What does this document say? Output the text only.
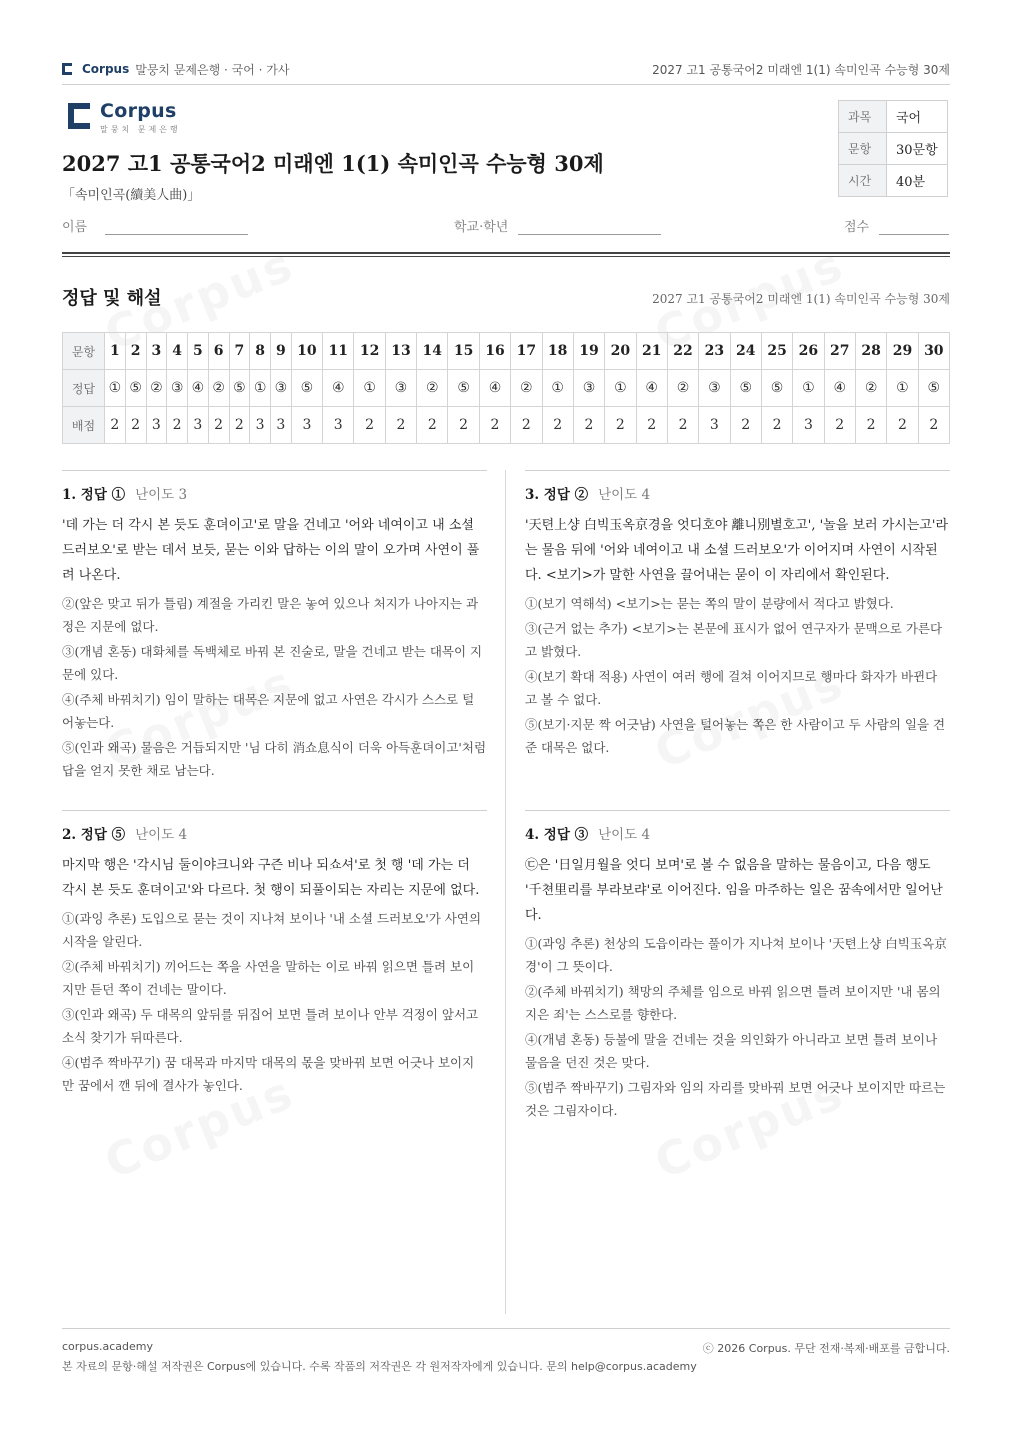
Corpus 말뭉치 문제은행 · 국어 · 가사	2027 고1 공통국어2 미래엔 1(1) 속미인곡 수능형 30제
Corpus
말뭉치 문제은행
2027 고1 공통국어2 미래엔 1(1) 속미인곡 수능형 30제
「속미인곡(續美人曲)」
과목	국어
문항	30문항
시간	40분
이름	학교·학년	점수
정답 및 해설	2027 고1 공통국어2 미래엔 1(1) 속미인곡 수능형 30제
문항	1	2	3	4	5	6	7	8	9	10	11	12	13	14	15	16	17	18	19	20	21	22	23	24	25	26	27	28	29	30
정답	①	⑤	②	③	④	②	⑤	①	③	⑤	④	①	③	②	⑤	④	②	①	③	①	④	②	③	⑤	⑤	①	④	②	①	⑤
배점	2	2	3	2	3	2	2	3	3	3	3	2	2	2	2	2	2	2	2	2	2	2	3	2	2	3	2	2	2	2
1. 정답 ① 난이도 3
'데 가는 더 각시 본 듯도 훈뎌이고'로 말을 건네고 '어와 네여이고 내 소셜 드러보오'로 받는 데서 보듯, 묻는 이와 답하는 이의 말이 오가며 사연이 풀려 나온다.
②(앞은 맞고 뒤가 틀림) 계절을 가리킨 말은 놓여 있으나 처지가 나아지는 과정은 지문에 없다.
③(개념 혼동) 대화체를 독백체로 바꿔 본 진술로, 말을 건네고 받는 대목이 지문에 있다.
④(주체 바꿔치기) 임이 말하는 대목은 지문에 없고 사연은 각시가 스스로 털어놓는다.
⑤(인과 왜곡) 물음은 거듭되지만 '님 다히 消쇼息식이 더욱 아득훈뎌이고'처럼 답을 얻지 못한 채로 남는다.
2. 정답 ⑤ 난이도 4
마지막 행은 '각시님 둘이야크니와 구즌 비나 되쇼셔'로 첫 행 '데 가는 더 각시 본 듯도 훈뎌이고'와 다르다. 첫 행이 되풀이되는 자리는 지문에 없다.
①(과잉 추론) 도입으로 묻는 것이 지나쳐 보이나 '내 소셜 드러보오'가 사연의 시작을 알린다.
②(주체 바꿔치기) 끼어드는 쪽을 사연을 말하는 이로 바꿔 읽으면 틀려 보이지만 듣던 쪽이 건네는 말이다.
③(인과 왜곡) 두 대목의 앞뒤를 뒤집어 보면 틀려 보이나 안부 걱정이 앞서고 소식 찾기가 뒤따른다.
④(범주 짝바꾸기) 꿈 대목과 마지막 대목의 몫을 맞바꿔 보면 어긋나 보이지만 꿈에서 깬 뒤에 결사가 놓인다.
3. 정답 ② 난이도 4
'天텬上샹 白빅玉옥京경을 엇디호야 離니別별호고', '놀을 보러 가시는고'라는 물음 뒤에 '어와 네여이고 내 소셜 드러보오'가 이어지며 사연이 시작된다. <보기>가 말한 사연을 끌어내는 묻이 이 자리에서 확인된다.
①(보기 역해석) <보기>는 묻는 쪽의 말이 분량에서 적다고 밝혔다.
③(근거 없는 추가) <보기>는 본문에 표시가 없어 연구자가 문맥으로 가른다고 밝혔다.
④(보기 확대 적용) 사연이 여러 행에 걸쳐 이어지므로 행마다 화자가 바뀐다고 볼 수 없다.
⑤(보기·지문 짝 어긋남) 사연을 털어놓는 쪽은 한 사람이고 두 사람의 일을 견준 대목은 없다.
4. 정답 ③ 난이도 4
㉢은 '日일月월을 엇디 보며'로 볼 수 없음을 말하는 물음이고, 다음 행도 '千쳔里리를 부라보랴'로 이어진다. 임을 마주하는 일은 꿈속에서만 일어난다.
①(과잉 추론) 천상의 도읍이라는 풀이가 지나쳐 보이나 '天텬上샹 白빅玉옥京경'이 그 뜻이다.
②(주체 바꿔치기) 책망의 주체를 임으로 바꿔 읽으면 틀려 보이지만 '내 몸의 지은 죄'는 스스로를 향한다.
④(개념 혼동) 등불에 말을 건네는 것을 의인화가 아니라고 보면 틀려 보이나 물음을 던진 것은 맞다.
⑤(범주 짝바꾸기) 그림자와 임의 자리를 맞바꿔 보면 어긋나 보이지만 따르는 것은 그림자이다.
corpus.academy	ⓒ 2026 Corpus. 무단 전재·복제·배포를 금합니다.
본 자료의 문항·해설 저작권은 Corpus에 있습니다. 수록 작품의 저작권은 각 원저작자에게 있습니다. 문의 help@corpus.academy
